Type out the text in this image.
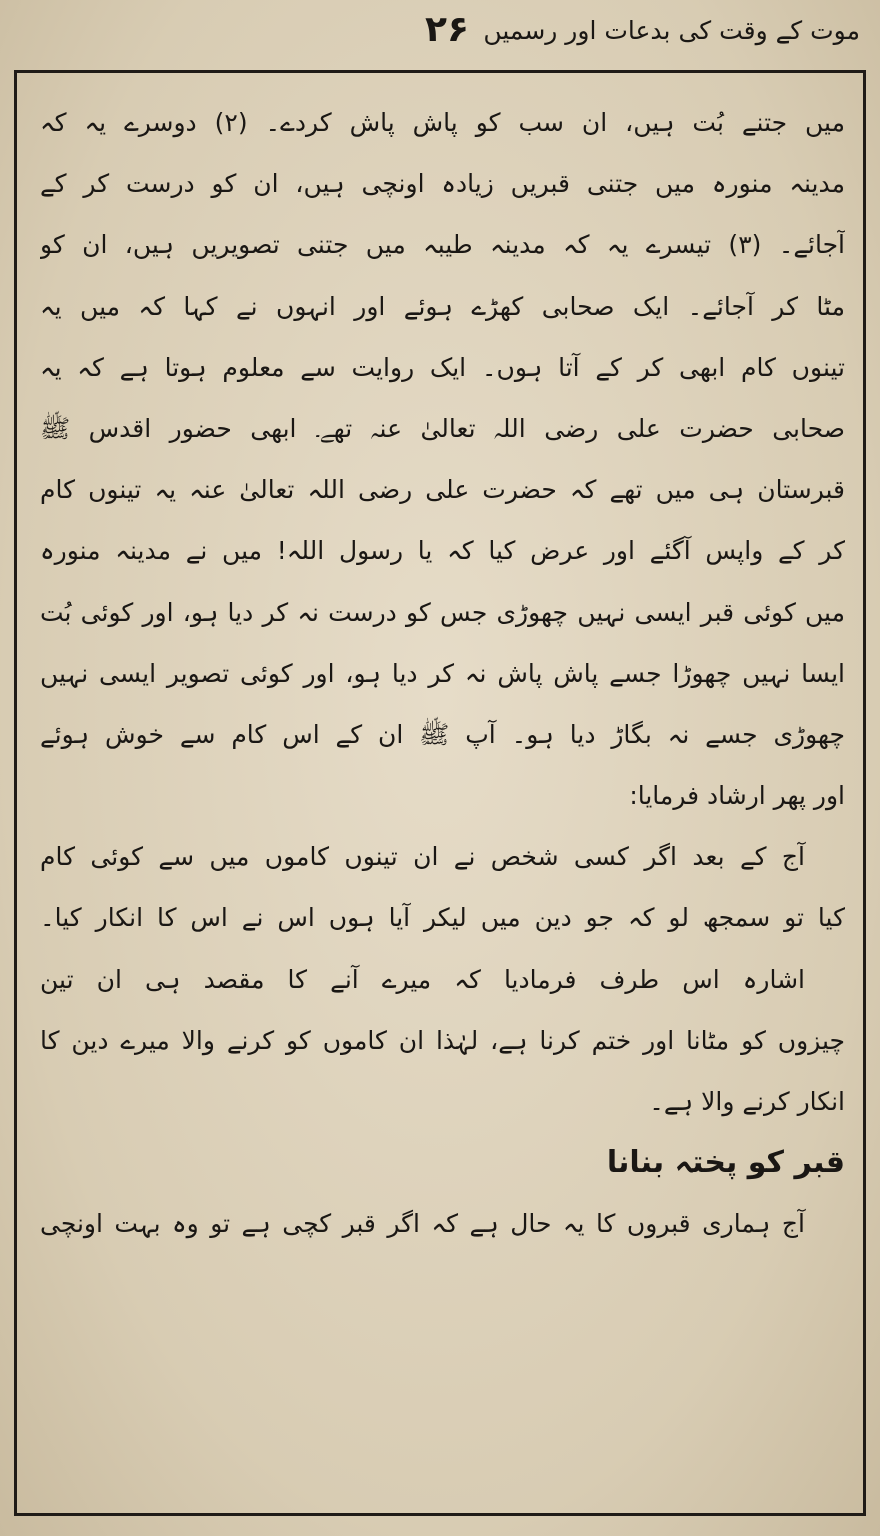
موت کے وقت کی بدعات اور رسمیں
۲۶
میں جتنے بُت ہیں، ان سب کو پاش پاش کردے۔ (۲) دوسرے یہ کہ
مدینہ منورہ میں جتنی قبریں زیادہ اونچی ہیں، ان کو درست کر کے
آجائے۔ (۳) تیسرے یہ کہ مدینہ طیبہ میں جتنی تصویریں ہیں، ان کو
مٹا کر آجائے۔ ایک صحابی کھڑے ہوئے اور انہوں نے کہا کہ میں یہ
تینوں کام ابھی کر کے آتا ہوں۔ ایک روایت سے معلوم ہوتا ہے کہ یہ
صحابی حضرت علی رضی اللہ تعالیٰ عنہ تھے۔ ابھی حضور اقدس ﷺ
قبرستان ہی میں تھے کہ حضرت علی رضی اللہ تعالیٰ عنہ یہ تینوں کام
کر کے واپس آگئے اور عرض کیا کہ یا رسول اللہ! میں نے مدینہ منورہ
میں کوئی قبر ایسی نہیں چھوڑی جس کو درست نہ کر دیا ہو، اور کوئی بُت
ایسا نہیں چھوڑا جسے پاش پاش نہ کر دیا ہو، اور کوئی تصویر ایسی نہیں
چھوڑی جسے نہ بگاڑ دیا ہو۔ آپ ﷺ ان کے اس کام سے خوش ہوئے
اور پھر ارشاد فرمایا:
آج کے بعد اگر کسی شخص نے ان تینوں کاموں میں سے کوئی کام
کیا تو سمجھ لو کہ جو دین میں لیکر آیا ہوں اس نے اس کا انکار کیا۔
اشارہ اس طرف فرمادیا کہ میرے آنے کا مقصد ہی ان تین
چیزوں کو مٹانا اور ختم کرنا ہے، لہٰذا ان کاموں کو کرنے والا میرے دین کا
انکار کرنے والا ہے۔
قبر کو پختہ بنانا
آج ہماری قبروں کا یہ حال ہے کہ اگر قبر کچی ہے تو وہ بہت اونچی
